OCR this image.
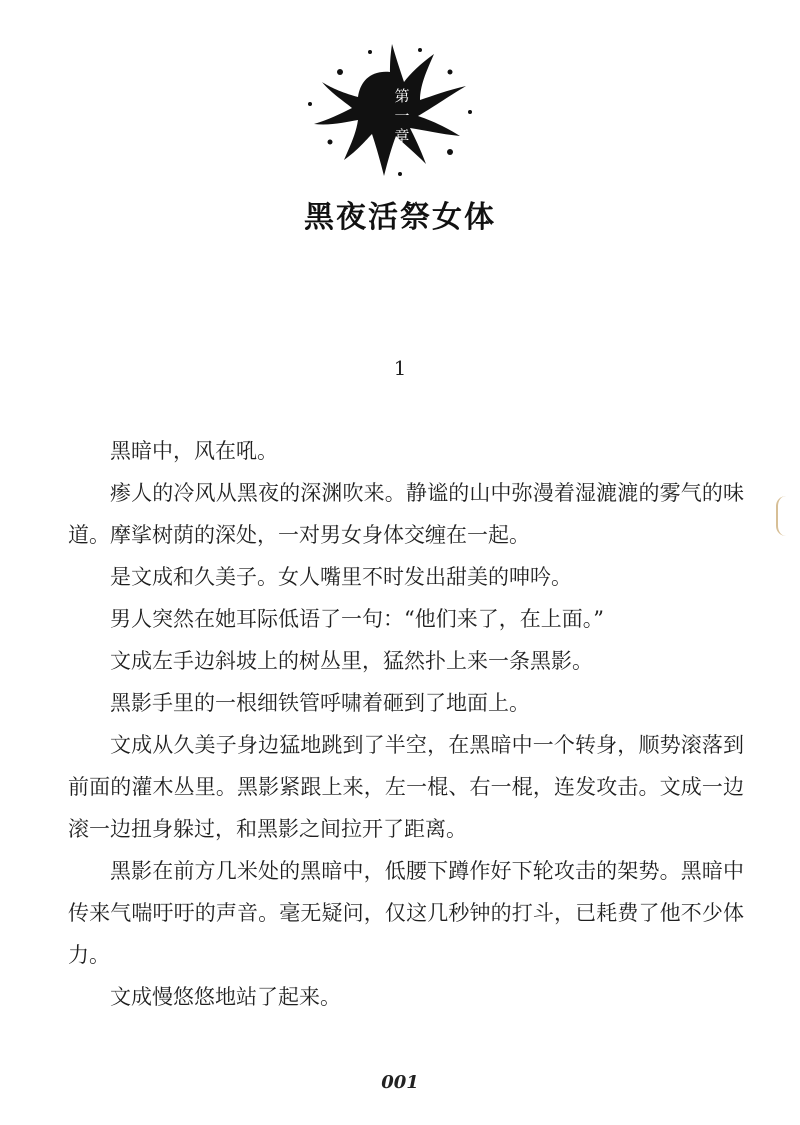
第
一
章
黑夜活祭女体
1

黑暗中，风在吼。

瘆人的冷风从黑夜的深渊吹来。静谧的山中弥漫着湿漉漉的雾气的味道。摩挲树荫的深处，一对男女身体交缠在一起。

是文成和久美子。女人嘴里不时发出甜美的呻吟。

男人突然在她耳际低语了一句：“他们来了，在上面。”

文成左手边斜坡上的树丛里，猛然扑上来一条黑影。

黑影手里的一根细铁管呼啸着砸到了地面上。

文成从久美子身边猛地跳到了半空，在黑暗中一个转身，顺势滚落到前面的灌木丛里。黑影紧跟上来，左一棍、右一棍，连发攻击。文成一边滚一边扭身躲过，和黑影之间拉开了距离。

黑影在前方几米处的黑暗中，低腰下蹲作好下轮攻击的架势。黑暗中传来气喘吁吁的声音。毫无疑问，仅这几秒钟的打斗，已耗费了他不少体力。

文成慢悠悠地站了起来。

001
